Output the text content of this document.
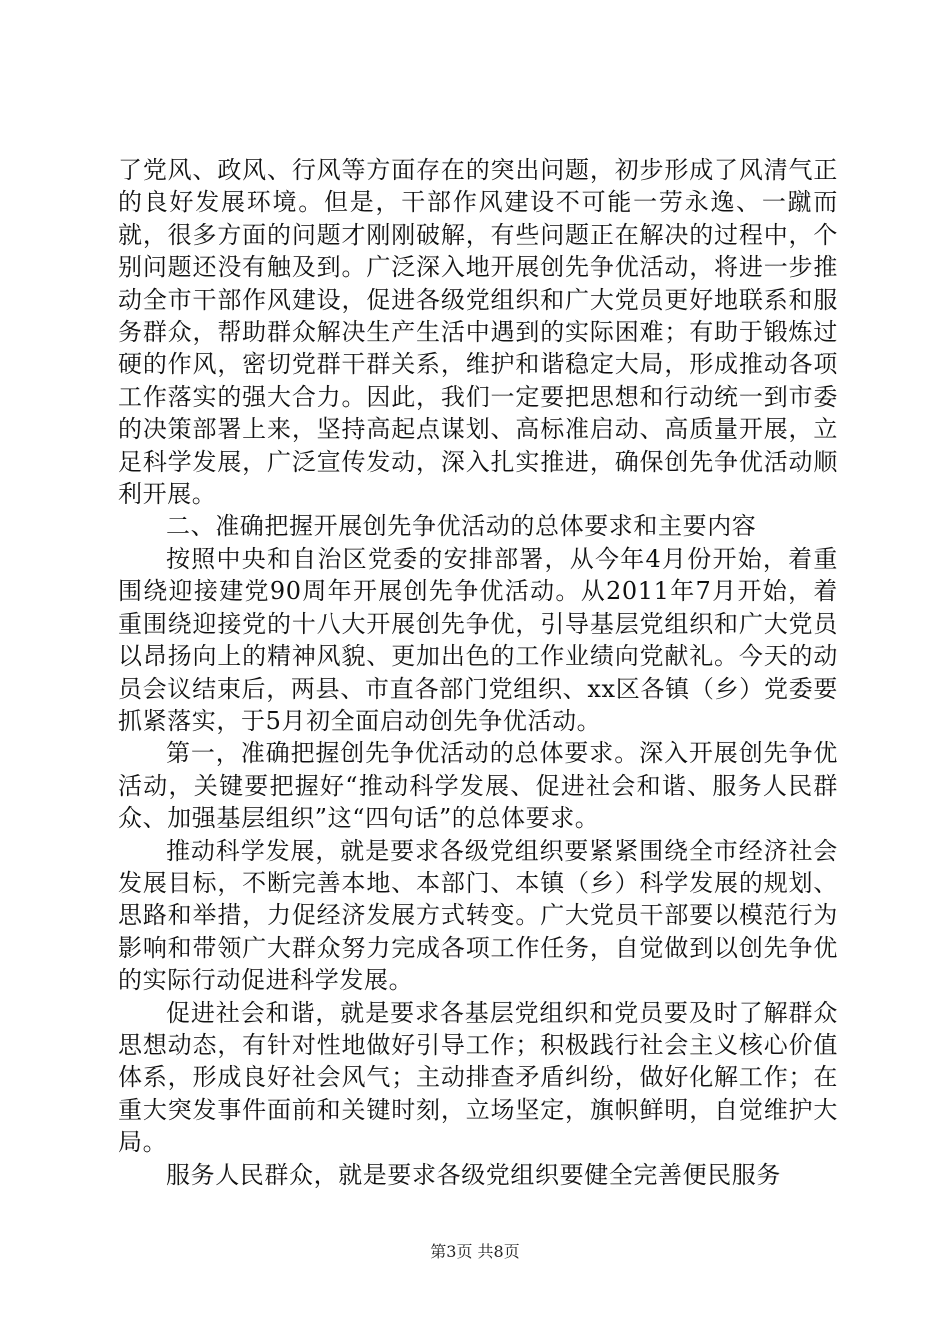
了党风、政风、行风等方面存在的突出问题，初步形成了风清气正的良好发展环境。但是，干部作风建设不可能一劳永逸、一蹴而就，很多方面的问题才刚刚破解，有些问题正在解决的过程中，个别问题还没有触及到。广泛深入地开展创先争优活动，将进一步推动全市干部作风建设，促进各级党组织和广大党员更好地联系和服务群众，帮助群众解决生产生活中遇到的实际困难；有助于锻炼过硬的作风，密切党群干群关系，维护和谐稳定大局，形成推动各项工作落实的强大合力。因此，我们一定要把思想和行动统一到市委的决策部署上来，坚持高起点谋划、高标准启动、高质量开展，立足科学发展，广泛宣传发动，深入扎实推进，确保创先争优活动顺利开展。

二、准确把握开展创先争优活动的总体要求和主要内容

按照中央和自治区党委的安排部署，从今年4月份开始，着重围绕迎接建党90周年开展创先争优活动。从2011年7月开始，着重围绕迎接党的十八大开展创先争优，引导基层党组织和广大党员以昂扬向上的精神风貌、更加出色的工作业绩向党献礼。今天的动员会议结束后，两县、市直各部门党组织、xx区各镇（乡）党委要抓紧落实，于5月初全面启动创先争优活动。

第一，准确把握创先争优活动的总体要求。深入开展创先争优活动，关键要把握好“推动科学发展、促进社会和谐、服务人民群众、加强基层组织”这“四句话”的总体要求。

推动科学发展，就是要求各级党组织要紧紧围绕全市经济社会发展目标，不断完善本地、本部门、本镇（乡）科学发展的规划、思路和举措，力促经济发展方式转变。广大党员干部要以模范行为影响和带领广大群众努力完成各项工作任务，自觉做到以创先争优的实际行动促进科学发展。

促进社会和谐，就是要求各基层党组织和党员要及时了解群众思想动态，有针对性地做好引导工作；积极践行社会主义核心价值体系，形成良好社会风气；主动排查矛盾纠纷，做好化解工作；在重大突发事件面前和关键时刻，立场坚定，旗帜鲜明，自觉维护大局。

服务人民群众，就是要求各级党组织要健全完善便民服务

第3页 共8页
